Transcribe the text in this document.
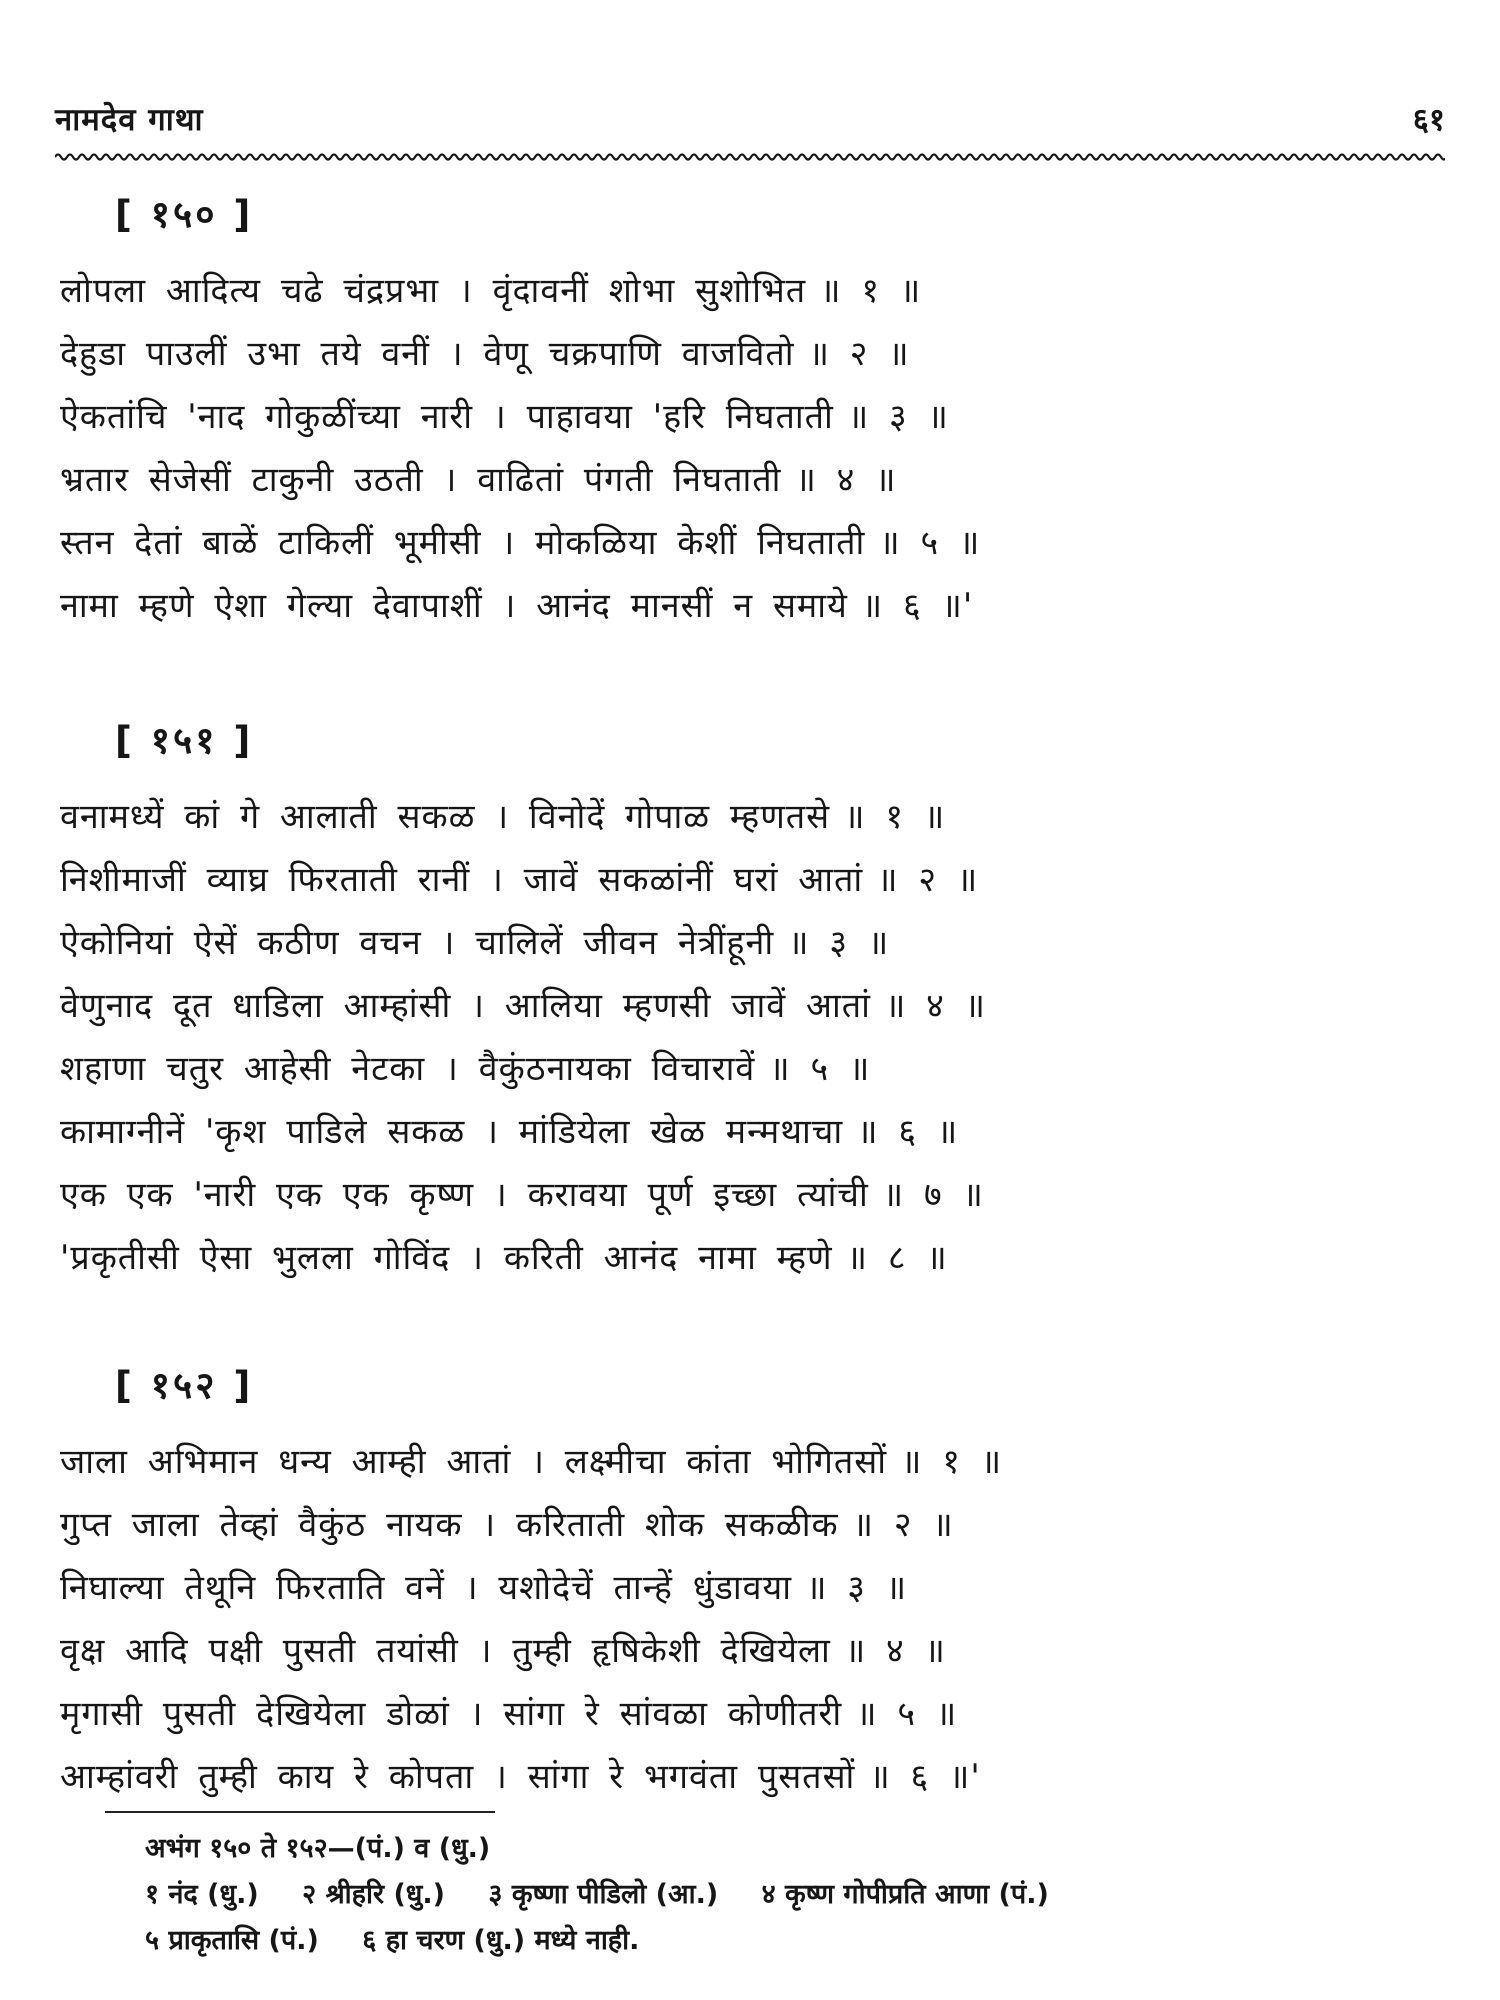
नामदेव गाथा	६१
[ १५० ]
लोपला आदित्य चढे चंद्रप्रभा । वृंदावनीं शोभा सुशोभित ॥ १ ॥
देहुडा पाउलीं उभा तये वनीं । वेणू चक्रपाणि वाजवितो ॥ २ ॥
ऐकतांचि 'नाद गोकुळींच्या नारी । पाहावया 'हरि निघताती ॥ ३ ॥
भ्रतार सेजेसीं टाकुनी उठती । वाढितां पंगती निघताती ॥ ४ ॥
स्तन देतां बाळें टाकिलीं भूमीसी । मोकळिया केशीं निघताती ॥ ५ ॥
नामा म्हणे ऐशा गेल्या देवापाशीं । आनंद मानसीं न समाये ॥ ६ ॥'
[ १५१ ]
वनामध्यें कां गे आलाती सकळ । विनोदें गोपाळ म्हणतसे ॥ १ ॥
निशीमाजीं व्याघ्र फिरताती रानीं । जावें सकळांनीं घरां आतां ॥ २ ॥
ऐकोनियां ऐसें कठीण वचन । चालिलें जीवन नेत्रींहूनी ॥ ३ ॥
वेणुनाद दूत धाडिला आम्हांसी । आलिया म्हणसी जावें आतां ॥ ४ ॥
शहाणा चतुर आहेसी नेटका । वैकुंठनायका विचारावें ॥ ५ ॥
कामाग्नीनें 'कृश पाडिले सकळ । मांडियेला खेळ मन्मथाचा ॥ ६ ॥
एक एक 'नारी एक एक कृष्ण । करावया पूर्ण इच्छा त्यांची ॥ ७ ॥
'प्रकृतीसी ऐसा भुलला गोविंद । करिती आनंद नामा म्हणे ॥ ८ ॥
[ १५२ ]
जाला अभिमान धन्य आम्ही आतां । लक्ष्मीचा कांता भोगितसों ॥ १ ॥
गुप्त जाला तेव्हां वैकुंठ नायक । करिताती शोक सकळीक ॥ २ ॥
निघाल्या तेथूनि फिरताति वनें । यशोदेचें तान्हें धुंडावया ॥ ३ ॥
वृक्ष आदि पक्षी पुसती तयांसी । तुम्ही हृषिकेशी देखियेला ॥ ४ ॥
मृगासी पुसती देखियेला डोळां । सांगा रे सांवळा कोणीतरी ॥ ५ ॥
आम्हांवरी तुम्ही काय रे कोपता । सांगा रे भगवंता पुसतसों ॥ ६ ॥'
अभंग १५० ते १५२—(पं.) व (धु.)
१ नंद (धु.) २ श्रीहरि (धु.) ३ कृष्णा पीडिलो (आ.) ४ कृष्ण गोपीप्रति आणा (पं.)
५ प्राकृतासि (पं.) ६ हा चरण (धु.) मध्ये नाही.
